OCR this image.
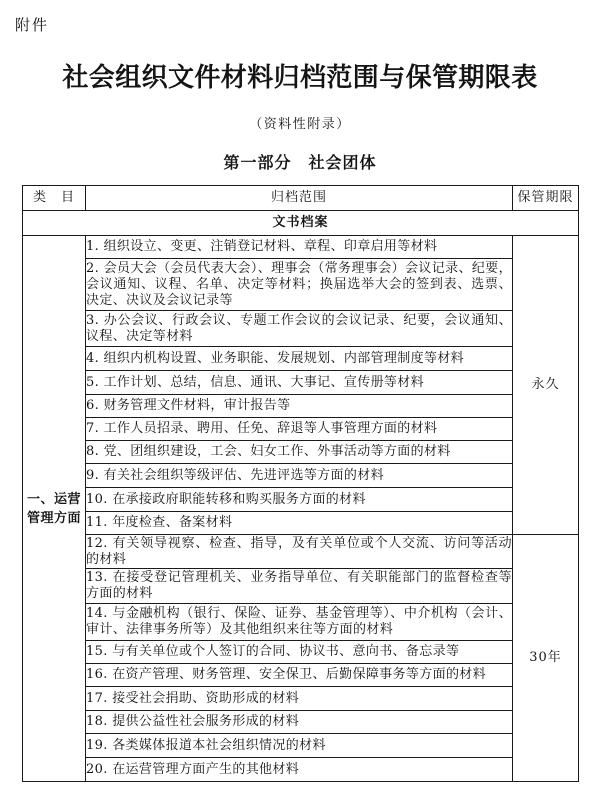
附件
社会组织文件材料归档范围与保管期限表
（资料性附录）
第一部分　社会团体
类　目	归档范围	保管期限
文书档案		
一、运营管理方面	1. 组织设立、变更、注销登记材料、章程、印章启用等材料	永久
	2. 会员大会（会员代表大会）、理事会（常务理事会）会议记录、纪要，会议通知、议程、名单、决定等材料；换届选举大会的签到表、选票、决定、决议及会议记录等	
	3. 办公会议、行政会议、专题工作会议的会议记录、纪要，会议通知、议程、决定等材料	
	4. 组织内机构设置、业务职能、发展规划、内部管理制度等材料	
	5. 工作计划、总结，信息、通讯、大事记、宣传册等材料	
	6. 财务管理文件材料，审计报告等	
	7. 工作人员招录、聘用、任免、辞退等人事管理方面的材料	
	8. 党、团组织建设，工会、妇女工作、外事活动等方面的材料	
	9. 有关社会组织等级评估、先进评选等方面的材料	
	10. 在承接政府职能转移和购买服务方面的材料	
	11. 年度检查、备案材料	
	12. 有关领导视察、检查、指导，及有关单位或个人交流、访问等活动的材料	30年
	13. 在接受登记管理机关、业务指导单位、有关职能部门的监督检查等方面的材料	
	14. 与金融机构（银行、保险、证券、基金管理等）、中介机构（会计、审计、法律事务所等）及其他组织来往等方面的材料	
	15. 与有关单位或个人签订的合同、协议书、意向书、备忘录等	
	16. 在资产管理、财务管理、安全保卫、后勤保障事务等方面的材料	
	17. 接受社会捐助、资助形成的材料	
	18. 提供公益性社会服务形成的材料	
	19. 各类媒体报道本社会组织情况的材料	
	20. 在运营管理方面产生的其他材料	
